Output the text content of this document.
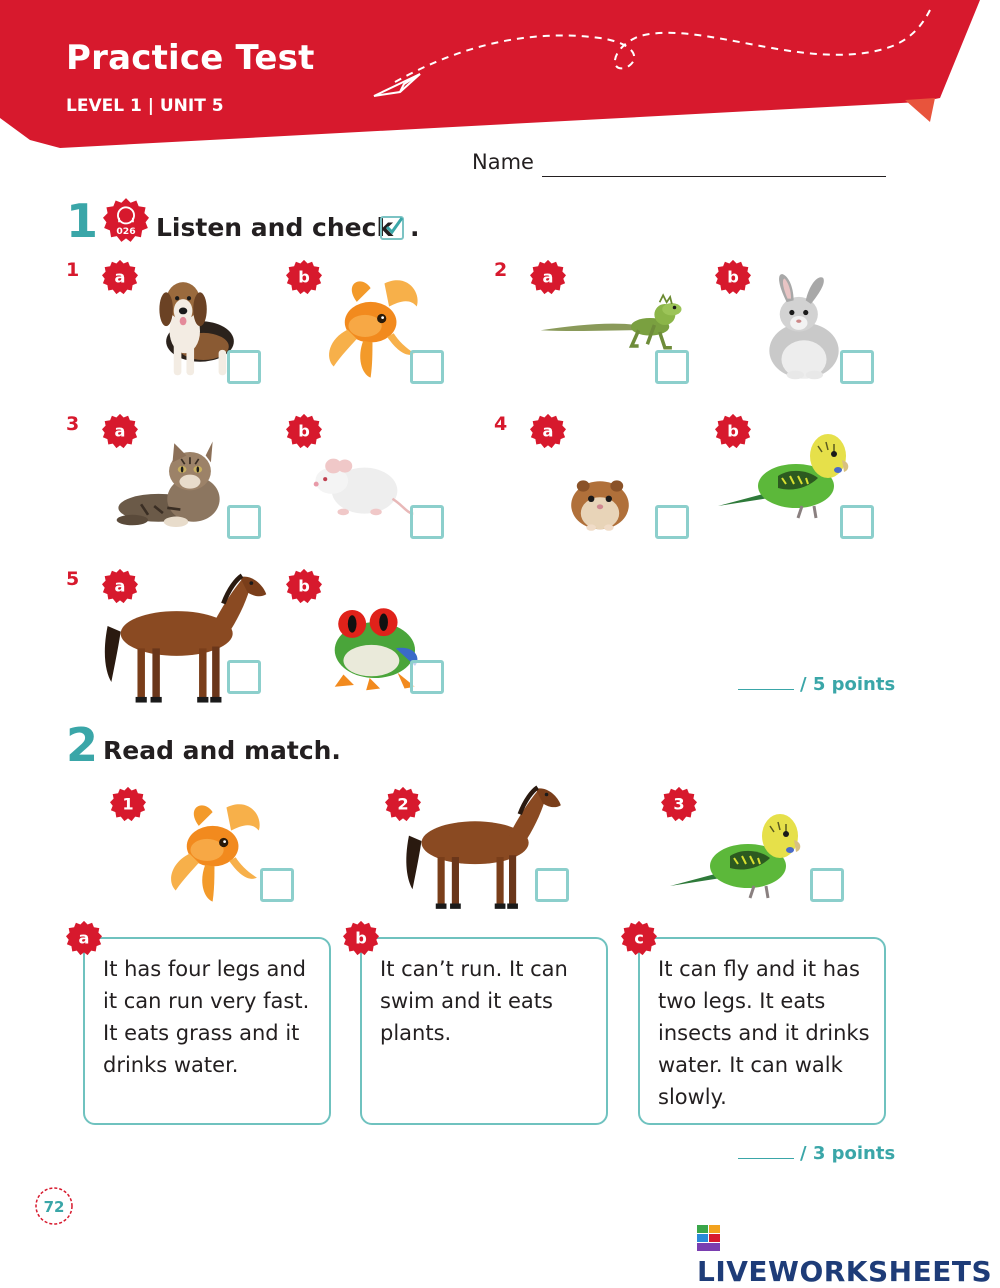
Practice Test
LEVEL 1 | UNIT 5
Name
1 026 Listen and check .
1 a	b	2 a	b
3 a	b	4 a	b
5 a	b
/ 5 points
2 Read and match.
1	2	3
It has four legs and it can run very fast. It eats grass and it drinks water.
a
It can’t run. It can swim and it eats plants.
b
It can fly and it has two legs. It eats insects and it drinks water. It can walk slowly.
c
/ 3 points
72
LIVEWORKSHEETS
